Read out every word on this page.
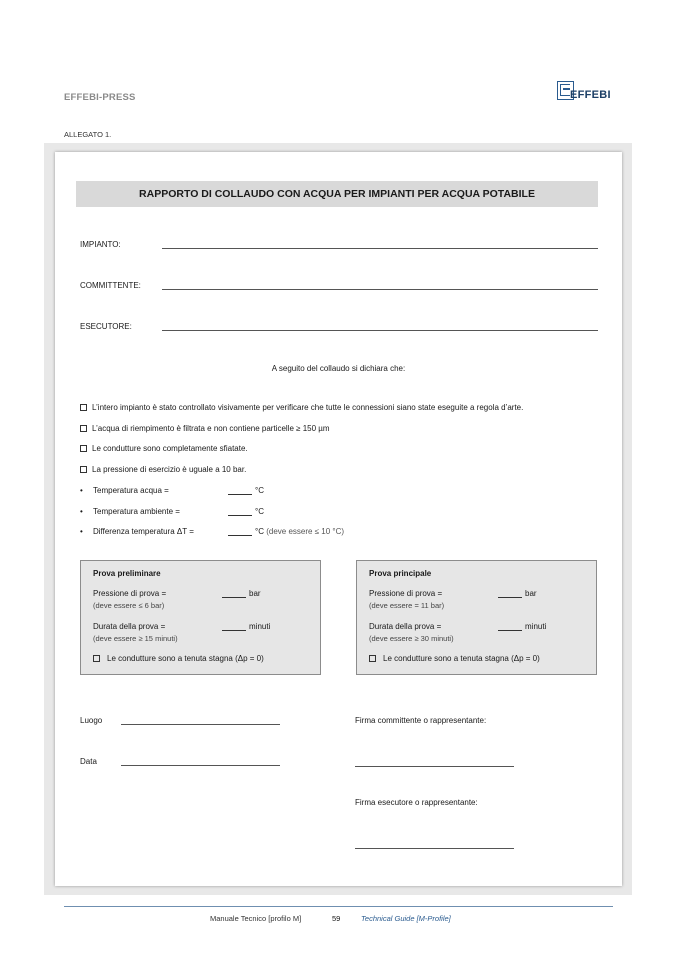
EFFEBI-PRESS	EFFEBI
ALLEGATO 1.
RAPPORTO DI COLLAUDO CON ACQUA PER IMPIANTI PER ACQUA POTABILE
IMPIANTO:
COMMITTENTE:
ESECUTORE:
A seguito del collaudo si dichiara che:
L’intero impianto è stato controllato visivamente per verificare che tutte le connessioni siano state eseguite a regola d’arte.
L’acqua di riempimento è filtrata e non contiene particelle ≥ 150 µm
Le condutture sono completamente sfiatate.
La pressione di esercizio è uguale a 10 bar.
• Temperatura acqua =	°C
• Temperatura ambiente =	°C
• Differenza temperatura ΔT =	°C (deve essere ≤ 10 °C)
Prova preliminare
Pressione di prova =	bar
(deve essere ≤ 6 bar)
Durata della prova =	minuti
(deve essere ≥ 15 minuti)
Le condutture sono a tenuta stagna (Δp = 0)
Prova principale
Pressione di prova =	bar
(deve essere = 11 bar)
Durata della prova =	minuti
(deve essere ≥ 30 minuti)
Le condutture sono a tenuta stagna (Δp = 0)
Luogo
Data
Firma committente o rappresentante:
Firma esecutore o rappresentante:
Manuale Tecnico [profilo M]	59	Technical Guide [M-Profile]
